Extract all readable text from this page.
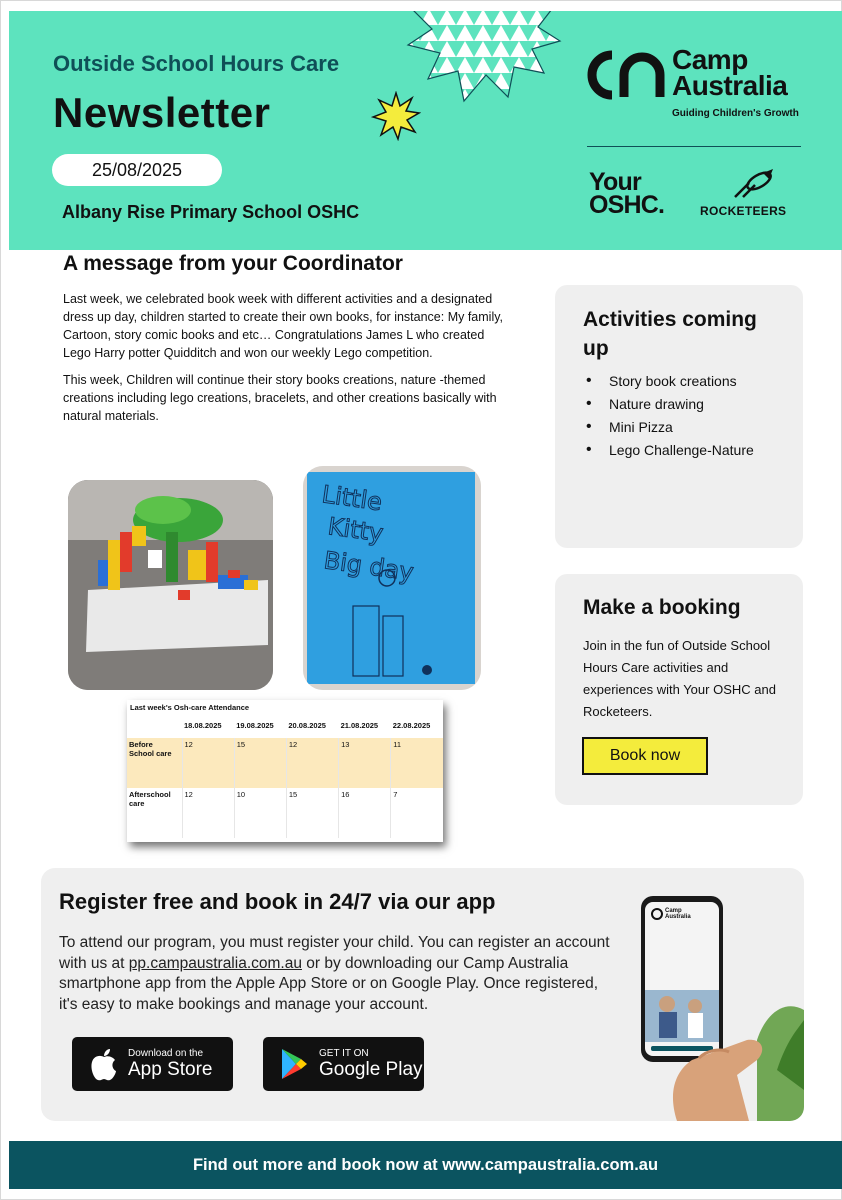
Outside School Hours Care
Newsletter
25/08/2025
Albany Rise Primary School OSHC
CA
Camp
Australia
Guiding Children's Growth
Your
OSHC.	ROCKETEERS
A message from your Coordinator

Last week, we celebrated book week with different activities and a designated dress up day, children started to create their own books, for instance: My family, Cartoon, story comic books and etc… Congratulations James L who created Lego Harry potter Quidditch and won our weekly Lego competition.

This week, Children will continue their story books creations, nature -themed creations including lego creations, bracelets, and other creations basically with natural materials.

Little
Kitty
Big day
Last week's Osh-care Attendance
	18.08.2025	19.08.2025	20.08.2025	21.08.2025	22.08.2025
Before School care	12	15	12	13	11
Afterschool care	12	10	15	16	7
Activities coming up
• Story book creations
• Nature drawing
• Mini Pizza
• Lego Challenge-Nature
Make a booking
Join in the fun of Outside School Hours Care activities and experiences with Your OSHC and Rocketeers.
Book now
Register free and book in 24/7 via our app
To attend our program, you must register your child. You can register an account with us at pp.campaustralia.com.au or by downloading our Camp Australia smartphone app from the Apple App Store or on Google Play. Once registered, it's easy to make bookings and manage your account.
Download on the
App Store
GET IT ON
Google Play
Camp
Australia
Find out more and book now at www.campaustralia.com.au
